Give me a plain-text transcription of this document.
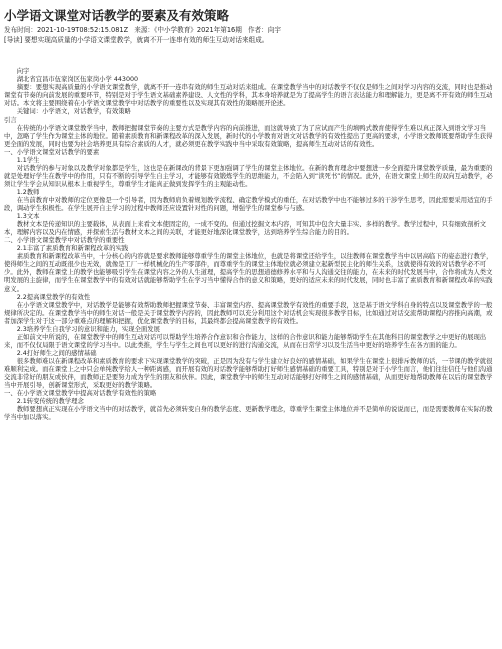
小学语文课堂对话教学的要素及有效策略
发布时间：2021-10-19T08:52:15.081Z 来源：《中小学教育》2021年第16期 作者：向宇
[导读] 要想实现高质量的小学语文课堂教学，就离不开一连串有效的师生互动对话来组成。

向宇

湖北省宜昌市伍家岗区伍家岗小学 443000

摘要：要想实现高质量的小学语文课堂教学，就离不开一连串有效的师生互动对话来组成。在课堂教学当中的对话教学不仅仅是师生之间对学习内容的交流，同时也是推动课堂有节奏的向前发展的重要环节，特别是对于学生语文基础素养建设、人文性的学科，其本身培养就是为了提高学生的语言表达能力和理解能力，更是离不开有效的师生互动对话。本文将主要围绕着在小学语文课堂教学中对话教学的重要性以及实现其有效性的策略展开论述。

关键词：小学语文，对话教学，有效策略

引言

在传统的小学语文课堂教学当中，教师把握课堂节奏的主要方式是教学内容的向前推进，而这就导致了为了应试而产生的填鸭式教育使得学生难以真正深入到语文学习当中，忽略了学生作为课堂主体的地位。随着素质教育和新课程改革的深入发展，新时代的小学教育对语文对话教学的有效性提出了更高的要求，小学语文教师既要帮助学生获得更全面的发展，同时也要为社会培养更具有综合素质的人才，就必须更在教学实践中当中采取有效策略，提高师生互动对话的有效性。

一、小学语文课堂对话教学的要素

1.1学生

对话教学的参与对象以及教学对象都是学生，这也是在新课改的背景下更加强调了学生的课堂主体地位。在新的教育理念中要想进一步全面提升课堂教学质量，最为重要的就是处理好学生在教学中的作用，只有不断的引导学生自主学习，才能够有效锻炼学生的思维能力，不会陷入到“读死书”的情况。此外，在语文课堂上师生的双向互动教学，必须让学生学会从知识从根本上重视学生，尊重学生才能真正做到发挥学生的主观能动性。

1.2教师

在当前教育中对教师的定位更像是一个引导者，因为教师肩负着规划教学流程、确定教学模式的重任，在对话教学中也不能够过多的干涉学生思考，因此需要采用适宜的手段，调动学生积极性。在学生展开自主学习的过程中教师还应设置针对性的问题，增强学生的课堂参与与感。

1.3文本

教材文本是传递知识的主要载体，从表面上来看文本使固定的，一成不变的。但通过挖掘文本内容，可知其中包含大量丰实、多样的教学。教学过程中，只有细致剖析文本，理解内容以及内在情感，并探索生活与教材文本之间的关联，才能更好地深化课堂教学，达到培养学生综合能力的目的。

二、小学语文课堂教学中对话教学的重要性

2.1丰富了素质教育和新课程改革的实践

素质教育和新课程改革当中，十分核心的内容就是要求教师能够尊重学生的课堂主体地位，也就是将课堂还给学生，以往教师在课堂教学当中以居高临下的姿态进行教学，使得师生之间的互动既很少也无效，就像是工厂一样机械化的生产零部件，而尊重学生的课堂主体地位就必须建立起新型民主化的师生关系，这就使得有效的对话教学必不可少。此外，教师在课堂上的教学也能够吸引学生在课堂内容之外的人生道理，提高学生的思想道德修养水平和与人沟通交往的能力，在未来的时代发展当中，合作将成为人类文明发展的主旋律，而学生在课堂教学中的有效对话就能够帮助学生在学习当中懂得合作的意义和策略，更好的适应未来的时代发展，同时也丰富了素质教育和新课程改革的实践意义。

2.2提高课堂教学的有效性

在小学语文课堂教学中，对话教学是能够有效帮助教师把握课堂节奏、丰富课堂内容、提高课堂教学有效性的重要手段，这是基于语文学科自身的特点以及课堂教学的一般规律所决定的。在课堂教学当中的师生对话一般是关于课堂教学内容的，因此教师可以充分利用这个对话机会实现很多教学目标，比如通过对话交流帮助课程内容推向高潮，或者加深学生对于这一部分重难点的理解和把握，优化课堂教学的目标，其最终都会提高课堂教学的有效性。

2.3培养学生自我学习的意识和能力，实现全面发展

正如前文中所说的，在课堂教学中的师生互动对话可以帮助学生培养合作意识和合作能力，这样的合作意识和能力能够帮助学生在其他科目的课堂教学之中更好的展现出来，而不仅仅局限于语文课堂的学习当中。以此类推，学生与学生之间也可以更好的进行沟通交流，从而在日常学习以及生活当中更好的培养学生在各方面的能力。

2.4打好师生之间的感情基础

很多教师难以在新课程改革和素质教育的要求下实现课堂教学的突破，正是因为没有与学生建立好良好的感情基础，如果学生在课堂上很排斥教师的话，一节课的教学就很难顺利完成。而在课堂上之中只会单纯教学给人一种距离感，而开展有效的对话教学能够帮助打好师生感情基础的重要工具，特别是对于小学生而言，他们往往信任与他们沟通交流非常好的朋友或伙伴，而教师正是要努力成为学生的朋友和伙伴。因此，课堂教学中的师生互动对话能够打好师生之间的感情基础，从而更好地帮助教师在以后的课堂教学当中开展引导，创新课堂形式，采取更好的教学策略。

一、在小学语文课堂教学中提高对话教学有效性的策略

2.1转变传统的教学理念

教师要想真正实现在小学语文当中的对话教学，就首先必须转变自身的教学态度、更新教学理念，尊重学生课堂主体地位并不是简单的说说而已，而是需要教师在实际的教学当中加以落实。
